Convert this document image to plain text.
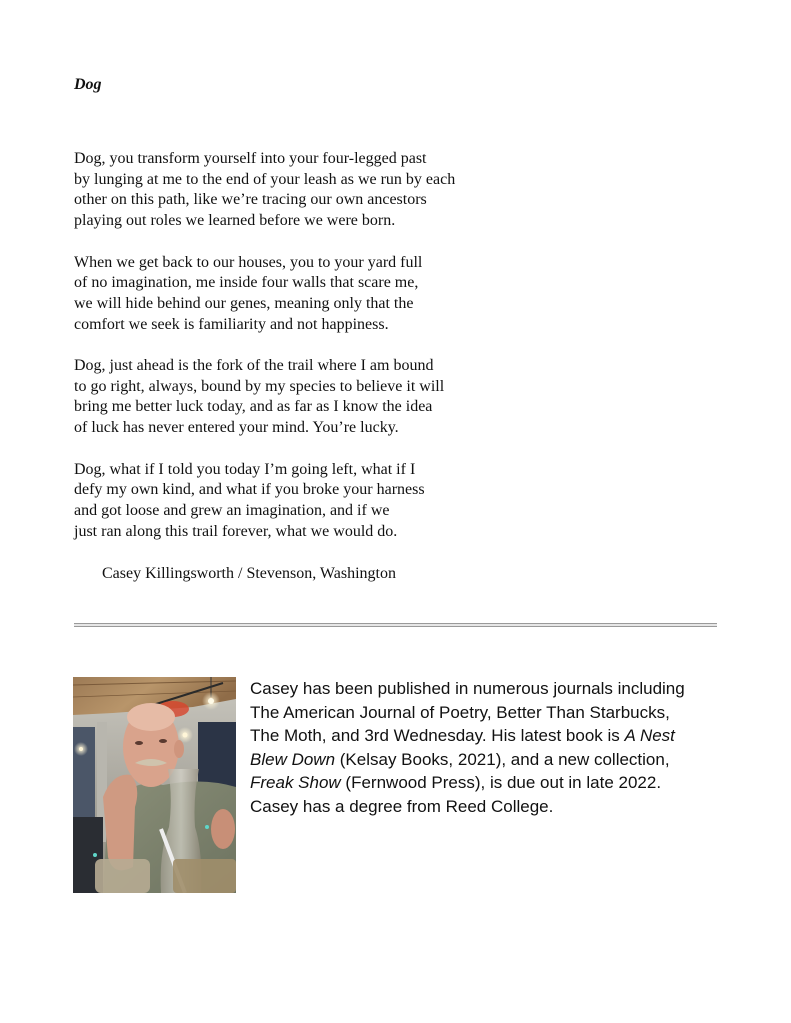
Dog
Dog, you transform yourself into your four-legged past
by lunging at me to the end of your leash as we run by each
other on this path, like we’re tracing our own ancestors
playing out roles we learned before we were born.
When we get back to our houses, you to your yard full
of no imagination, me inside four walls that scare me,
we will hide behind our genes, meaning only that the
comfort we seek is familiarity and not happiness.
Dog, just ahead is the fork of the trail where I am bound
to go right, always, bound by my species to believe it will
bring me better luck today, and as far as I know the idea
of luck has never entered your mind. You’re lucky.
Dog, what if I told you today I’m going left, what if I
defy my own kind, and what if you broke your harness
and got loose and grew an imagination, and if we
just ran along this trail forever, what we would do.
Casey Killingsworth / Stevenson, Washington
Casey has been published in numerous journals including
The American Journal of Poetry, Better Than Starbucks,
The Moth, and 3rd Wednesday. His latest book is A Nest
Blew Down (Kelsay Books, 2021), and a new collection,
Freak Show (Fernwood Press), is due out in late 2022.
Casey has a degree from Reed College.
